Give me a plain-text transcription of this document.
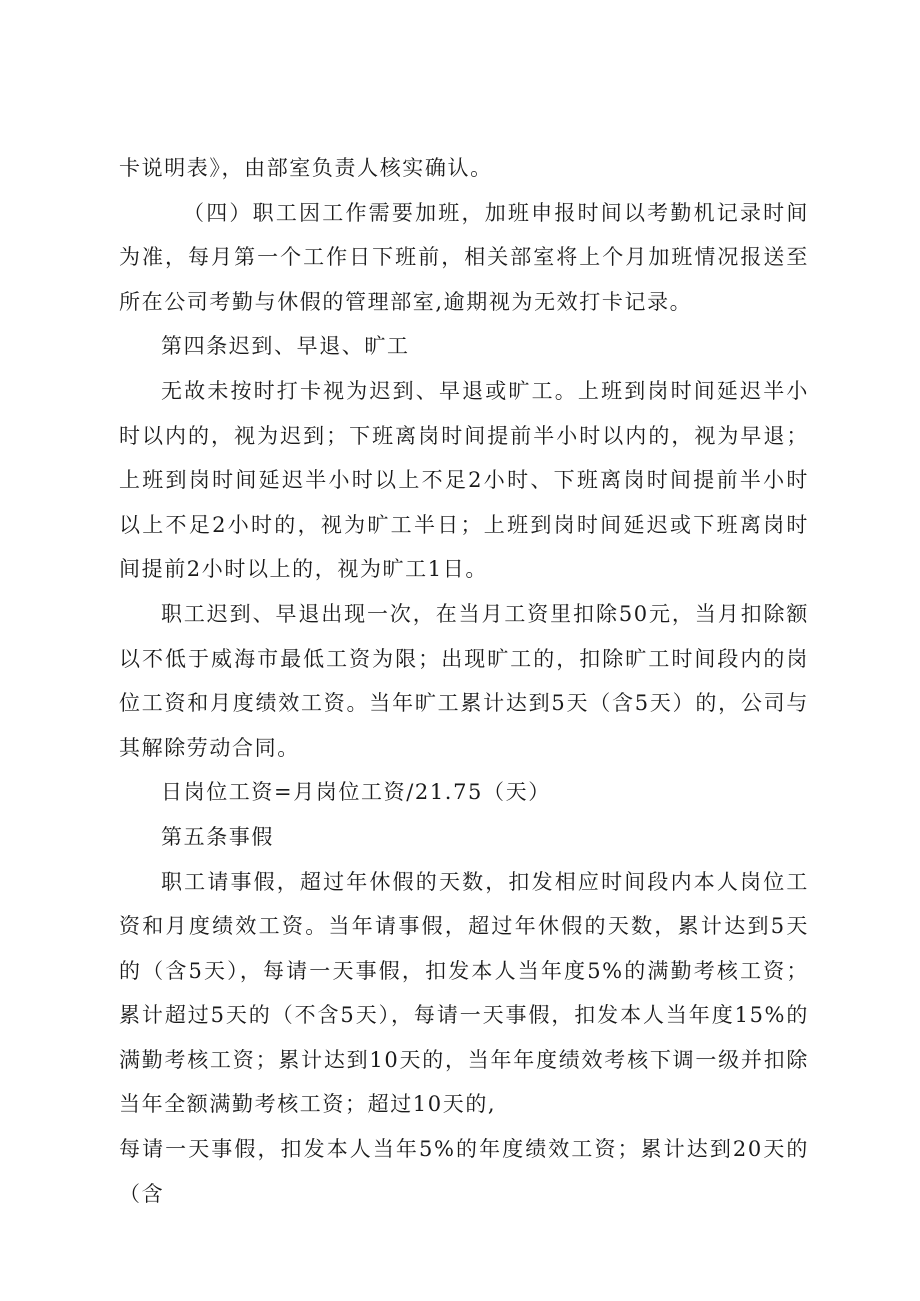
卡说明表》，由部室负责人核实确认。

（四）职工因工作需要加班，加班申报时间以考勤机记录时间为准，每月第一个工作日下班前，相关部室将上个月加班情况报送至所在公司考勤与休假的管理部室,逾期视为无效打卡记录。

第四条迟到、早退、旷工

无故未按时打卡视为迟到、早退或旷工。上班到岗时间延迟半小时以内的，视为迟到；下班离岗时间提前半小时以内的，视为早退；上班到岗时间延迟半小时以上不足2小时、下班离岗时间提前半小时以上不足2小时的，视为旷工半日；上班到岗时间延迟或下班离岗时间提前2小时以上的，视为旷工1日。

职工迟到、早退出现一次，在当月工资里扣除50元，当月扣除额以不低于威海市最低工资为限；出现旷工的，扣除旷工时间段内的岗位工资和月度绩效工资。当年旷工累计达到5天（含5天）的，公司与其解除劳动合同。

日岗位工资=月岗位工资/21.75（天）

第五条事假

职工请事假，超过年休假的天数，扣发相应时间段内本人岗位工资和月度绩效工资。当年请事假，超过年休假的天数，累计达到5天的（含5天），每请一天事假，扣发本人当年度5%的满勤考核工资；累计超过5天的（不含5天），每请一天事假，扣发本人当年度15%的满勤考核工资；累计达到10天的，当年年度绩效考核下调一级并扣除当年全额满勤考核工资；超过10天的,

每请一天事假，扣发本人当年5%的年度绩效工资；累计达到20天的（含
